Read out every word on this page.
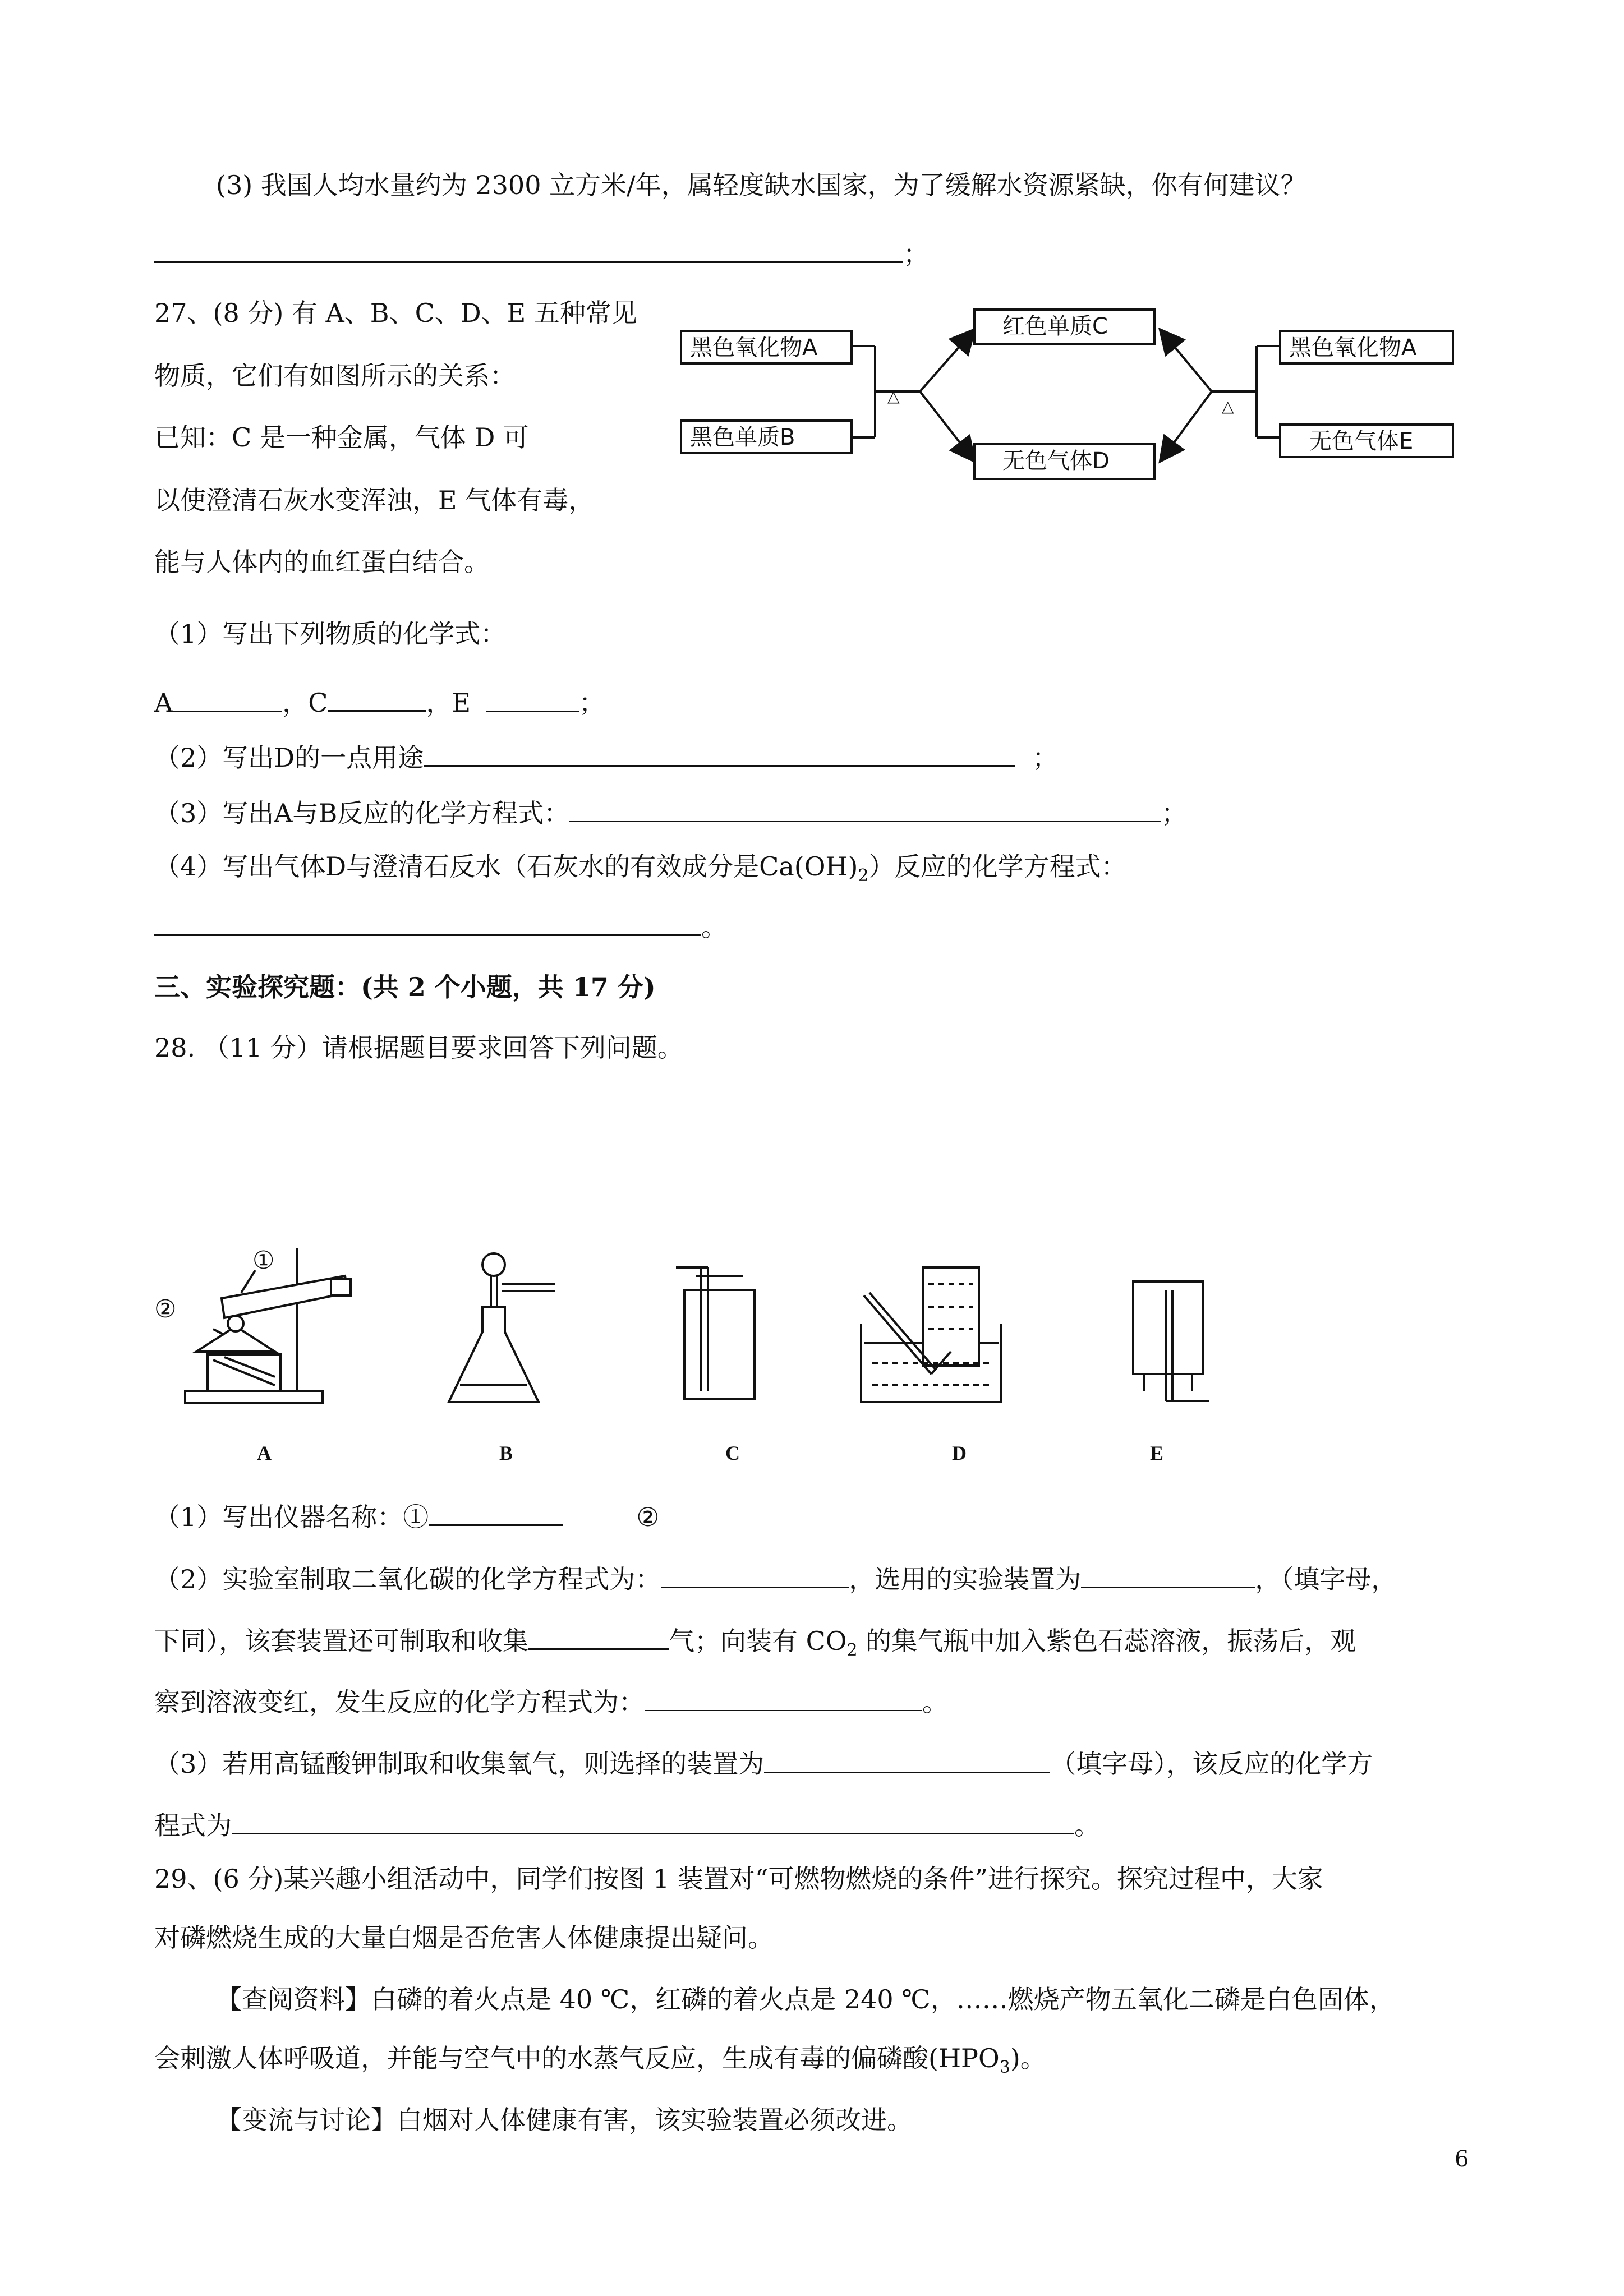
(3) 我国人均水量约为 2300 立方米/年，属轻度缺水国家，为了缓解水资源紧缺，你有何建议？
；
27、(8 分) 有 A、B、C、D、E 五种常见
物质，它们有如图所示的关系：
已知：C 是一种金属，气体 D 可
以使澄清石灰水变浑浊，E 气体有毒，
能与人体内的血红蛋白结合。
黑色氧化物A
黑色单质B
红色单质C
无色气体D
黑色氧化物A
无色气体E
△
△
（1）写出下列物质的化学式：
A	，C	，E	；
（2）写出D的一点用途	；
（3）写出A与B反应的化学方程式：	；
（4）写出气体D与澄清石反水（石灰水的有效成分是$Ca(OH)_2$）反应的化学方程式：
。
三、实验探究题：(共 2 个小题，共 17 分)
28. （11 分）请根据题目要求回答下列问题。
①
②
A	B	C	D	E
（1）写出仪器名称：①	②
（2）实验室制取二氧化碳的化学方程式为：	，选用的实验装置为	，（填字母，
下同），该套装置还可制取和收集	气；向装有 $CO_2$ 的集气瓶中加入紫色石蕊溶液，振荡后，观
察到溶液变红，发生反应的化学方程式为：	。
（3）若用高锰酸钾制取和收集氧气，则选择的装置为	（填字母），该反应的化学方
程式为	。
29、(6 分)某兴趣小组活动中，同学们按图 1 装置对“可燃物燃烧的条件”进行探究。探究过程中，大家
对磷燃烧生成的大量白烟是否危害人体健康提出疑问。
【查阅资料】白磷的着火点是 40 ℃，红磷的着火点是 240 ℃，……燃烧产物五氧化二磷是白色固体，
会刺激人体呼吸道，并能与空气中的水蒸气反应，生成有毒的偏磷酸$(HPO_3)$。
【变流与讨论】白烟对人体健康有害，该实验装置必须改进。
6
